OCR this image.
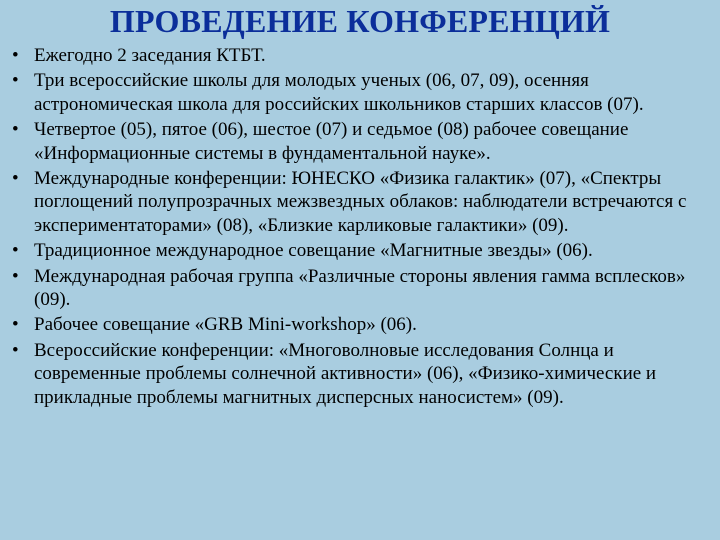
ПРОВЕДЕНИЕ КОНФЕРЕНЦИЙ
• Ежегодно 2 заседания КТБТ.
• Три всероссийские школы для молодых ученых (06, 07, 09), осенняя астрономическая школа для российских школьников старших классов (07).
• Четвертое (05), пятое (06), шестое (07) и седьмое (08) рабочее совещание «Информационные системы в фундаментальной науке».
• Международные конференции: ЮНЕСКО «Физика галактик» (07), «Спектры поглощений полупрозрачных межзвездных облаков: наблюдатели встречаются с экспериментаторами» (08), «Близкие карликовые галактики» (09).
• Традиционное международное совещание «Магнитные звезды» (06).
• Международная рабочая группа «Различные стороны явления гамма всплесков» (09).
• Рабочее совещание «GRB Mini-workshop» (06).
• Всероссийские конференции: «Многоволновые исследования Солнца и современные проблемы солнечной активности» (06), «Физико-химические и прикладные проблемы магнитных дисперсных наносистем» (09).
